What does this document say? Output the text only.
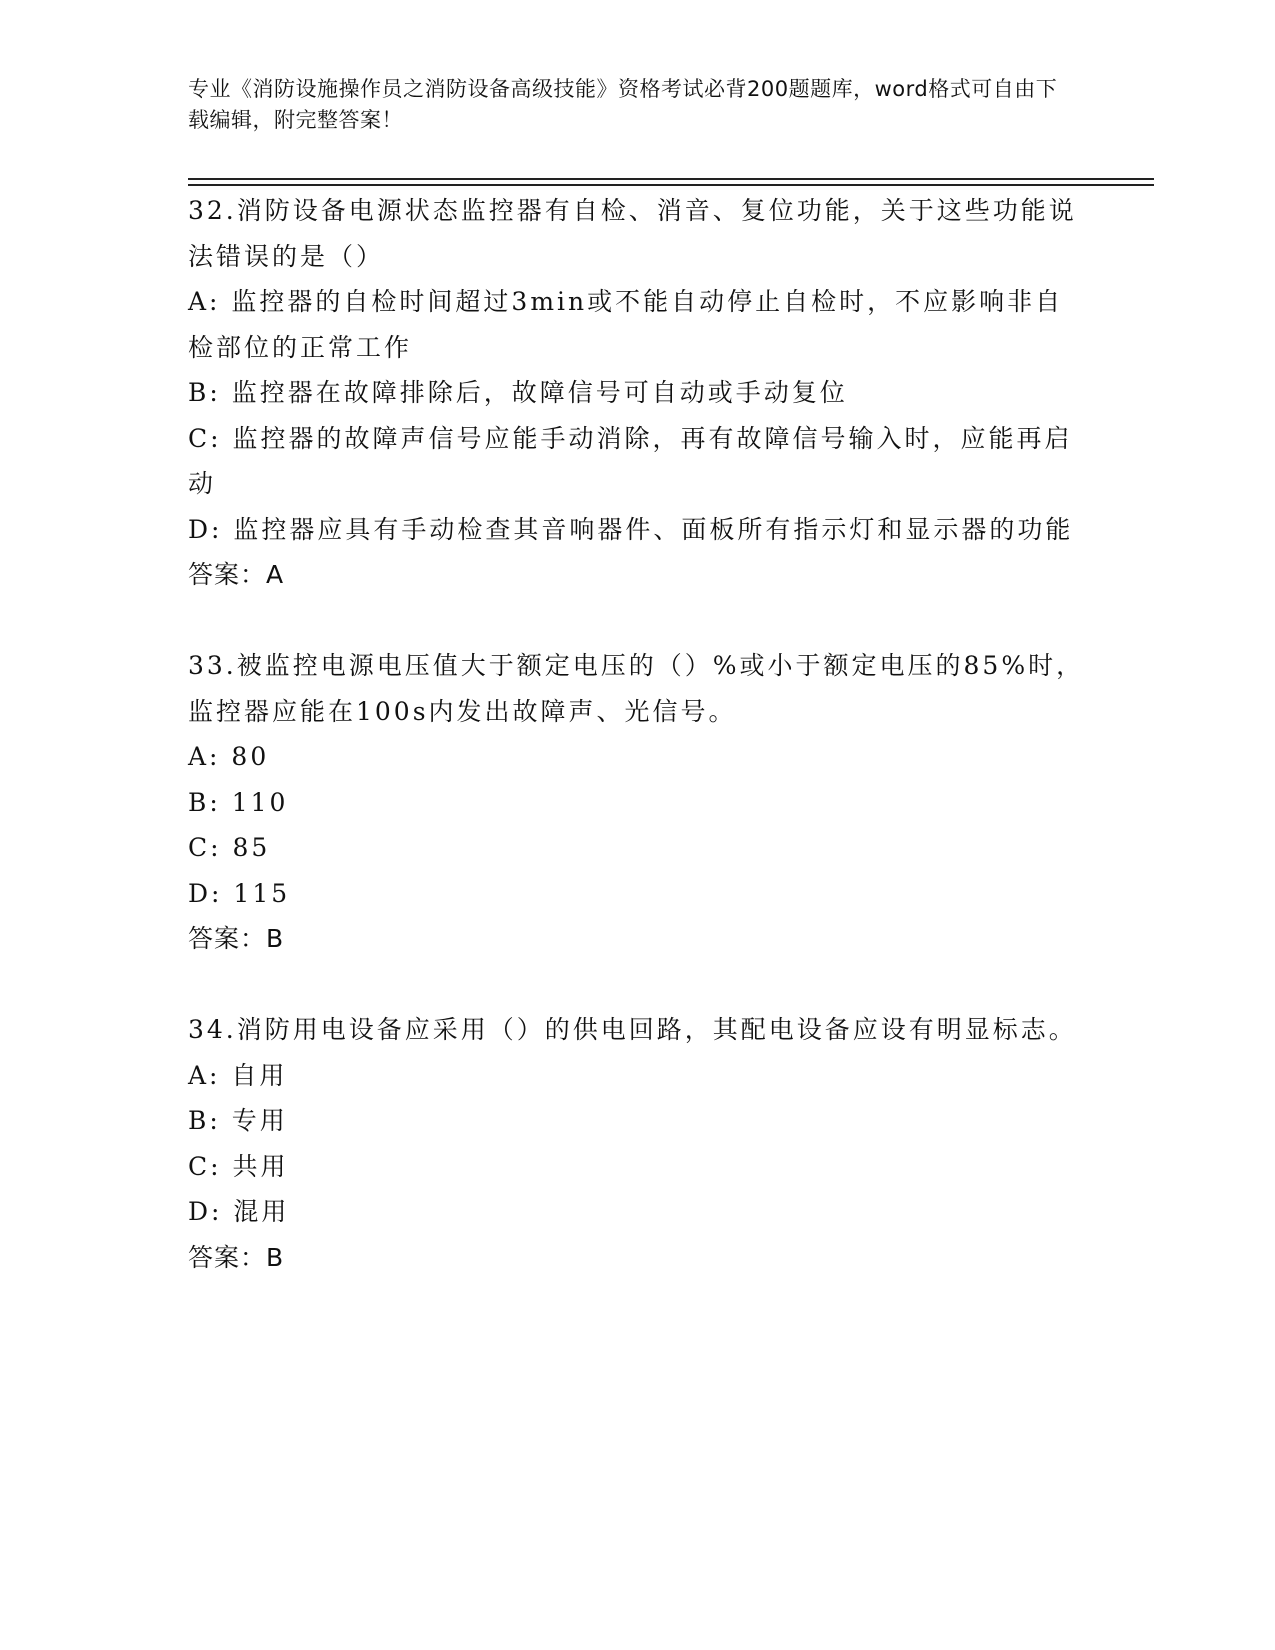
专业《消防设施操作员之消防设备高级技能》资格考试必背200题题库，word格式可自由下载编辑，附完整答案！

32.消防设备电源状态监控器有自检、消音、复位功能，关于这些功能说法错误的是（）

A: 监控器的自检时间超过3min或不能自动停止自检时，不应影响非自检部位的正常工作

B: 监控器在故障排除后，故障信号可自动或手动复位

C: 监控器的故障声信号应能手动消除，再有故障信号输入时，应能再启动

D: 监控器应具有手动检查其音响器件、面板所有指示灯和显示器的功能

答案：A

33.被监控电源电压值大于额定电压的（）%或小于额定电压的85%时，监控器应能在100s内发出故障声、光信号。

A: 80

B: 110

C: 85

D: 115

答案：B

34.消防用电设备应采用（）的供电回路，其配电设备应设有明显标志。

A: 自用

B: 专用

C: 共用

D: 混用

答案：B
